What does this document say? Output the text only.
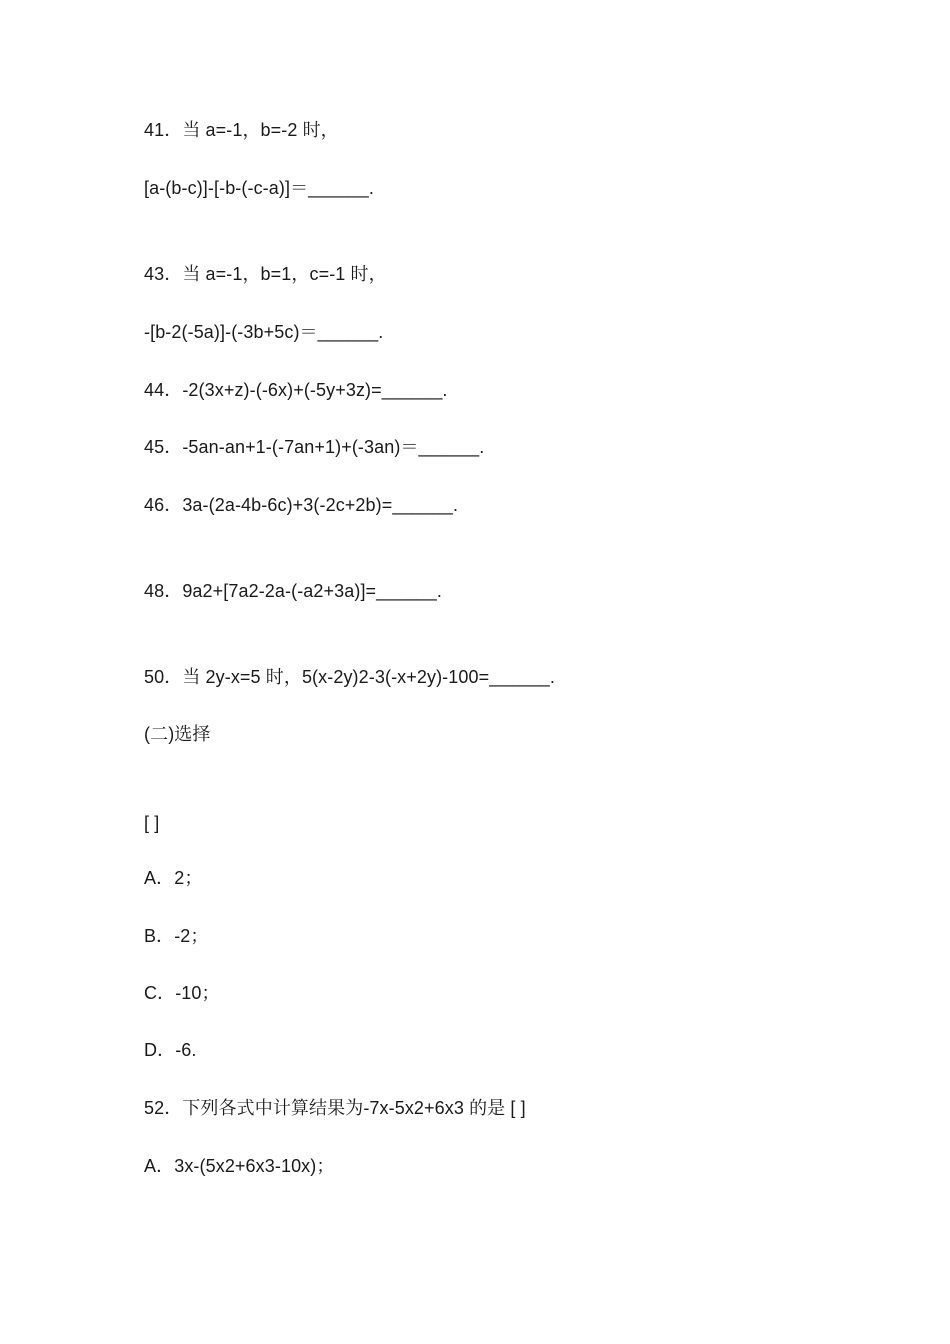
41．当 a=-1，b=-2 时，
[a-(b-c)]-[-b-(-c-a)]＝______.
43．当 a=-1，b=1，c=-1 时，
-[b-2(-5a)]-(-3b+5c)＝______.
44．-2(3x+z)-(-6x)+(-5y+3z)=______.
45．-5an-an+1-(-7an+1)+(-3an)＝______.
46．3a-(2a-4b-6c)+3(-2c+2b)=______.
48．9a2+[7a2-2a-(-a2+3a)]=______.
50．当 2y-x=5 时，5(x-2y)2-3(-x+2y)-100=______.
(二)选择
[ ]
A．2；
B．-2；
C．-10；
D．-6.
52．下列各式中计算结果为-7x-5x2+6x3 的是 [ ]
A．3x-(5x2+6x3-10x)；
